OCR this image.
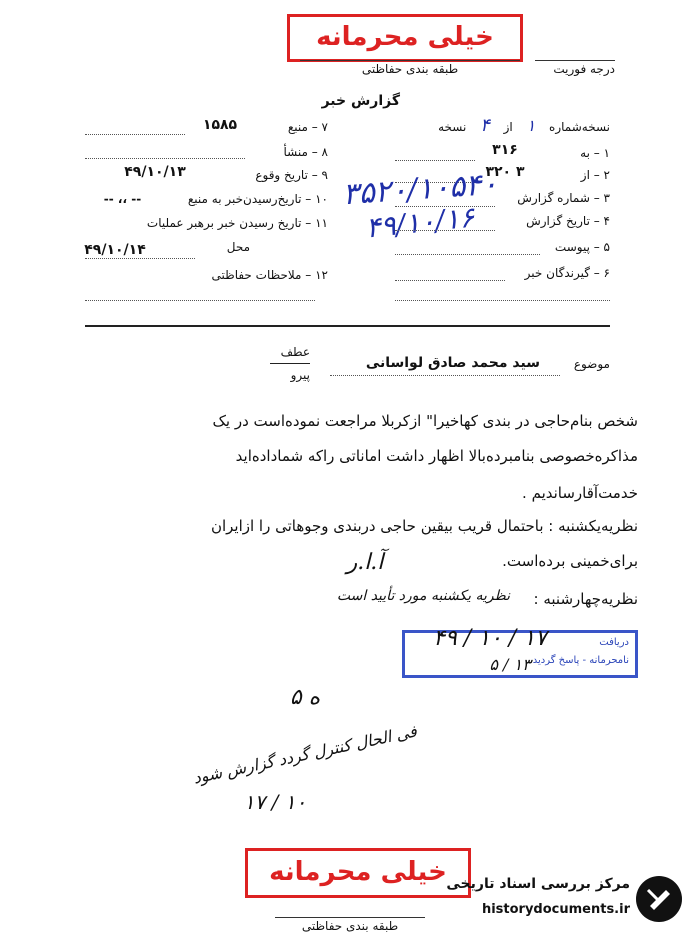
خیلی محرمانه
طبقه بندی حفاظتی	درجه فوریت
گزارش خبر
نسخه‌شماره ۱ از ۴ نسخه
۱ – به
۳۱۶
۲ – از
۳۲۰ ۳
۳ – شماره گزارش
۳۵۲۰/۱۰۵۴۰
۴ – تاریخ گزارش
۴۹/۱۰/۱۶
۵ – پیوست
۶ – گیرندگان خبر
۷ – منبع
۱۵۸۵
۸ – منشأ
۹ – تاریخ وقوع
۴۹/۱۰/۱۳
۱۰ – تاریخ‌رسیدن‌خبر به منبع
-- ،، --
۱۱ – تاریخ رسیدن خبر برهبر عملیات
محل
۴۹/۱۰/۱۴
۱۲ – ملاحظات حفاظتی
موضوع
سید محمد صادق لواسانی
عطف
پیرو
شخص بنام‌حاجی در بندی کهاخیرا" ازکربلا مراجعت نموده‌است در یک
مذاکره‌خصوصی بنامبرده‌بالا اظهار داشت اماناتی راکه شماداده‌اید
خدمت‌آقارساندیم .
نظریه‌یکشنبه : باحتمال قریب بیقین حاجی دربندی وجوهاتی را ازایران
برای‌خمینی برده‌است.
آ.ا.ر
نظریه‌چهارشنبه :
نظریه یکشنبه مورد تأیید است
دریافت
نامحرمانه - پاسخ گردید
۴۹ / ۱۰ / ۱۷
۵ / ۱۳
۵ ه
فی الحال کنترل گردد گزارش شود
۱۷ / ۱۰
خیلی محرمانه
طبقه بندی حفاظتی
مرکز بررسی اسناد تاریخی
historydocuments.ir
